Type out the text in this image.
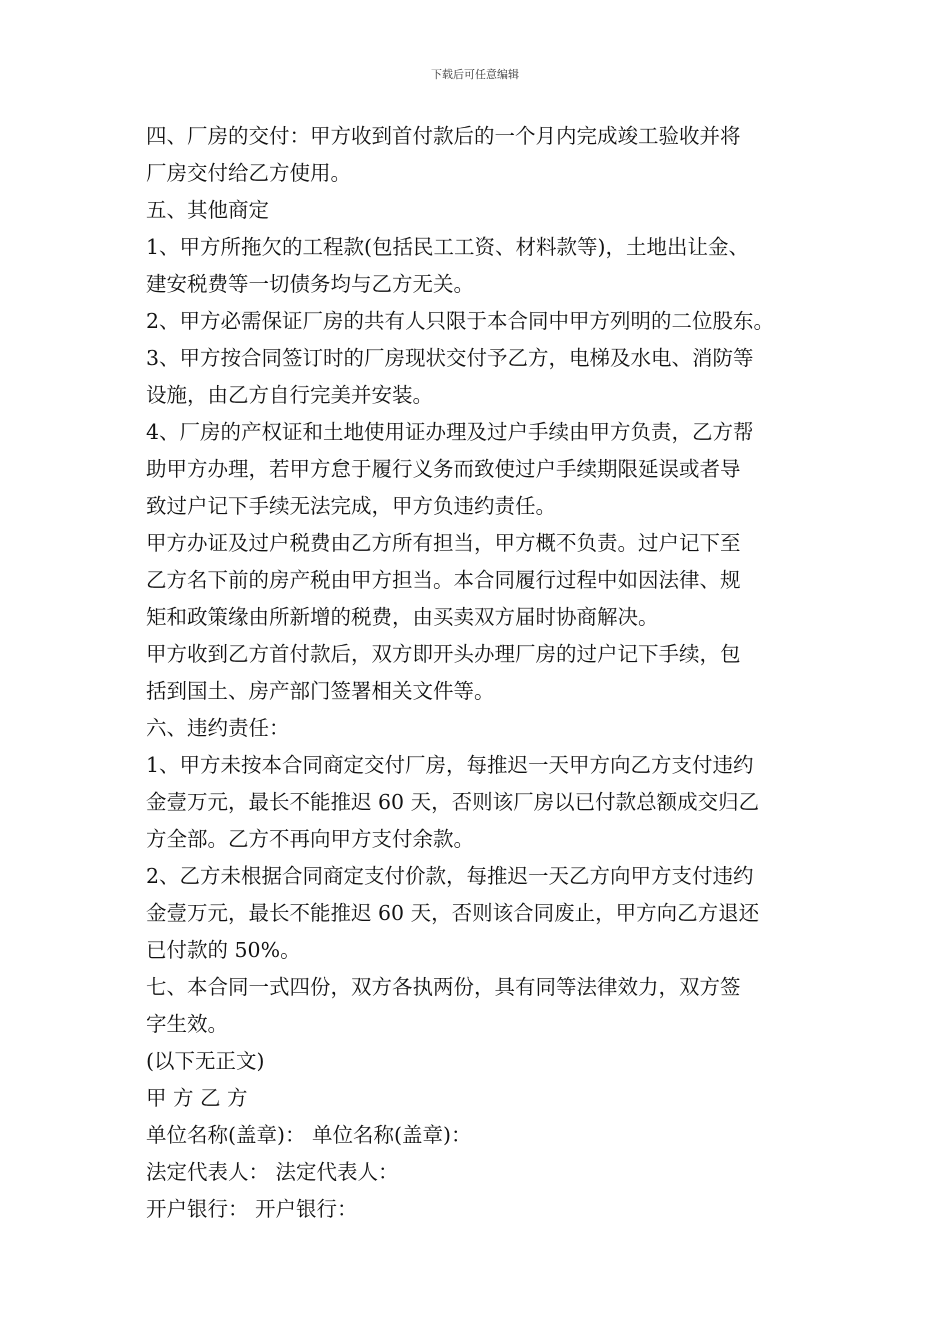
下载后可任意编辑

四、厂房的交付：甲方收到首付款后的一个月内完成竣工验收并将

厂房交付给乙方使用。

五、其他商定

1、甲方所拖欠的工程款(包括民工工资、材料款等)，土地出让金、

建安税费等一切债务均与乙方无关。

2、甲方必需保证厂房的共有人只限于本合同中甲方列明的二位股东。

3、甲方按合同签订时的厂房现状交付予乙方，电梯及水电、消防等

设施，由乙方自行完美并安装。

4、厂房的产权证和土地使用证办理及过户手续由甲方负责，乙方帮

助甲方办理，若甲方怠于履行义务而致使过户手续期限延误或者导

致过户记下手续无法完成，甲方负违约责任。

甲方办证及过户税费由乙方所有担当，甲方概不负责。过户记下至

乙方名下前的房产税由甲方担当。本合同履行过程中如因法律、规

矩和政策缘由所新增的税费，由买卖双方届时协商解决。

甲方收到乙方首付款后，双方即开头办理厂房的过户记下手续，包

括到国土、房产部门签署相关文件等。

六、违约责任：

1、甲方未按本合同商定交付厂房，每推迟一天甲方向乙方支付违约

金壹万元，最长不能推迟 60 天，否则该厂房以已付款总额成交归乙

方全部。乙方不再向甲方支付余款。

2、乙方未根据合同商定支付价款，每推迟一天乙方向甲方支付违约

金壹万元，最长不能推迟 60 天，否则该合同废止，甲方向乙方退还

已付款的 50%。

七、本合同一式四份，双方各执两份，具有同等法律效力，双方签

字生效。

(以下无正文)

甲 方 乙 方

单位名称(盖章)： 单位名称(盖章)：

法定代表人： 法定代表人：

开户银行： 开户银行：
